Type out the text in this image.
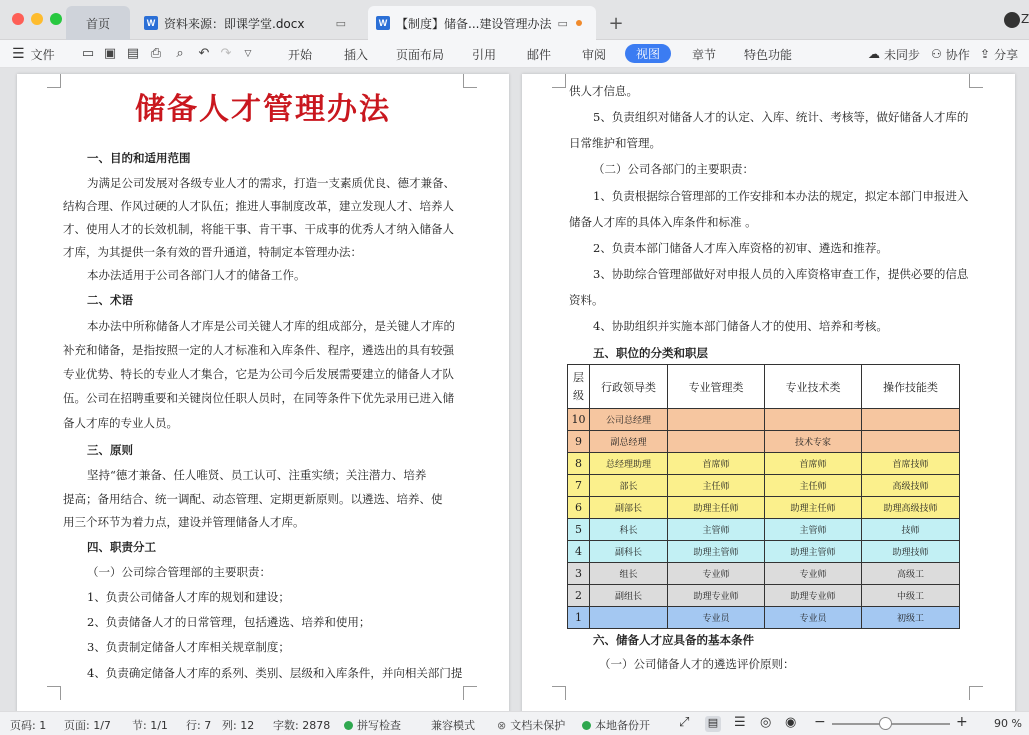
首页	W 资料来源：即课学堂.docx	▭	W 【制度】储备...建设管理办法 ▭ +	Z
☰ 文件 ▭ ▣ ▤ ⎙	⌕	↶ ↷	▽	开始	插入 页面布局 引用	邮件	审阅	视图	章节 特色功能	☁ 未同步 ⚇ 协作 ⇪ 分享
储备人才管理办法
一、目的和适用范围
为满足公司发展对各级专业人才的需求，打造一支素质优良、德才兼备、
结构合理、作风过硬的人才队伍；推进人事制度改革，建立发现人才、培养人
才、使用人才的长效机制，将能干事、肯干事、干成事的优秀人才纳入储备人
才库，为其提供一条有效的晋升通道，特制定本管理办法：
本办法适用于公司各部门人才的储备工作。
二、术语
本办法中所称储备人才库是公司关键人才库的组成部分，是关键人才库的
补充和储备，是指按照一定的人才标准和入库条件、程序，遴选出的具有较强
专业优势、特长的专业人才集合，它是为公司今后发展需要建立的储备人才队
伍。公司在招聘重要和关键岗位任职人员时，在同等条件下优先录用已进入储
备人才库的专业人员。
三、原则
坚持“德才兼备、任人唯贤、员工认可、注重实绩；关注潜力、培养
提高；备用结合、统一调配、动态管理、定期更新原则。以遴选、培养、使
用三个环节为着力点，建设并管理储备人才库。
四、职责分工
（一）公司综合管理部的主要职责：
1、负责公司储备人才库的规划和建设；
2、负责储备人才的日常管理，包括遴选、培养和使用；
3、负责制定储备人才库相关规章制度；
4、负责确定储备人才库的系列、类别、层级和入库条件，并向相关部门提
供人才信息。
5、负责组织对储备人才的认定、入库、统计、考核等，做好储备人才库的
日常维护和管理。
（二）公司各部门的主要职责：
1、负责根据综合管理部的工作安排和本办法的规定，拟定本部门申报进入
储备人才库的具体入库条件和标准 。
2、负责本部门储备人才库入库资格的初审、遴选和推荐。
3、协助综合管理部做好对申报人员的入库资格审查工作，提供必要的信息
资料。
4、协助组织并实施本部门储备人才的使用、培养和考核。
五、职位的分类和职层
层级	行政领导类	专业管理类	专业技术类	操作技能类
10	公司总经理			
9	副总经理		技术专家	
8	总经理助理	首席师	首席师	首席技师
7	部长	主任师	主任师	高级技师
6	副部长	助理主任师	助理主任师	助理高级技师
5	科长	主管师	主管师	技师
4	副科长	助理主管师	助理主管师	助理技师
3	组长	专业师	专业师	高级工
2	副组长	助理专业师	助理专业师	中级工
1		专业员	专业员	初级工
六、储备人才应具备的基本条件
（一）公司储备人才的遴选评价原则：
页码: 1 页面: 1/7 节: 1/1 行: 7 列: 12 字数: 2878	拼写检查	兼容模式 ⊗ 文档未保护	本地备份开 ⤢ ▤ ☰ ◎ ◉ −	+ 90 %
